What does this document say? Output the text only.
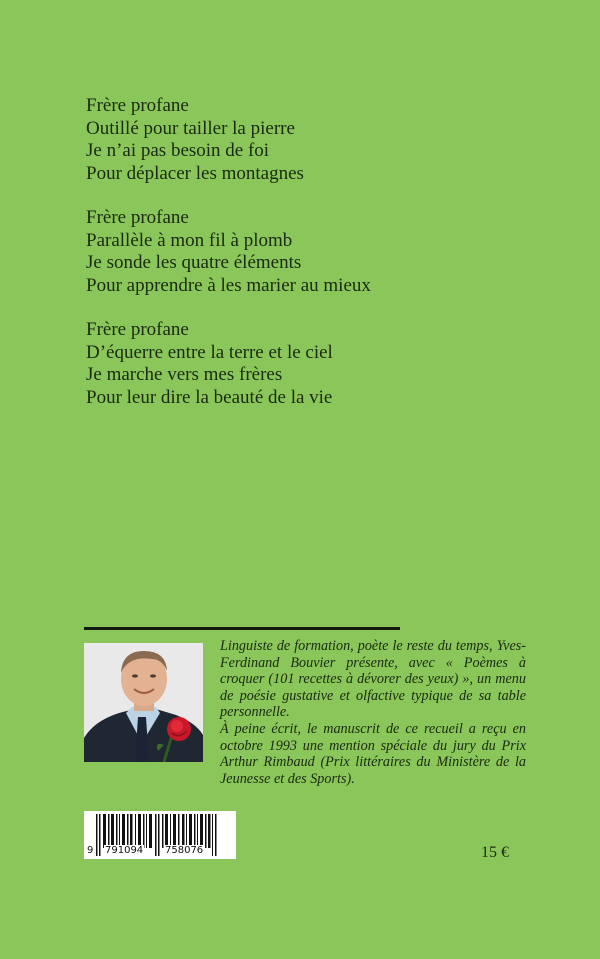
Frère profane
Outillé pour tailler la pierre
Je n’ai pas besoin de foi
Pour déplacer les montagnes
Frère profane
Parallèle à mon fil à plomb
Je sonde les quatre éléments
Pour apprendre à les marier au mieux
Frère profane
D’équerre entre la terre et le ciel
Je marche vers mes frères
Pour leur dire la beauté de la vie

Linguiste de formation, poète le reste du temps, Yves-Ferdinand Bouvier présente, avec « Poèmes à croquer (101 recettes à dévorer des yeux) », un menu de poésie gustative et olfactive typique de sa table personnelle.

À peine écrit, le manuscrit de ce recueil a reçu en octobre 1993 une mention spéciale du jury du Prix Arthur Rimbaud (Prix littéraires du Ministère de la Jeunesse et des Sports).

9 791094 758076	15 €
